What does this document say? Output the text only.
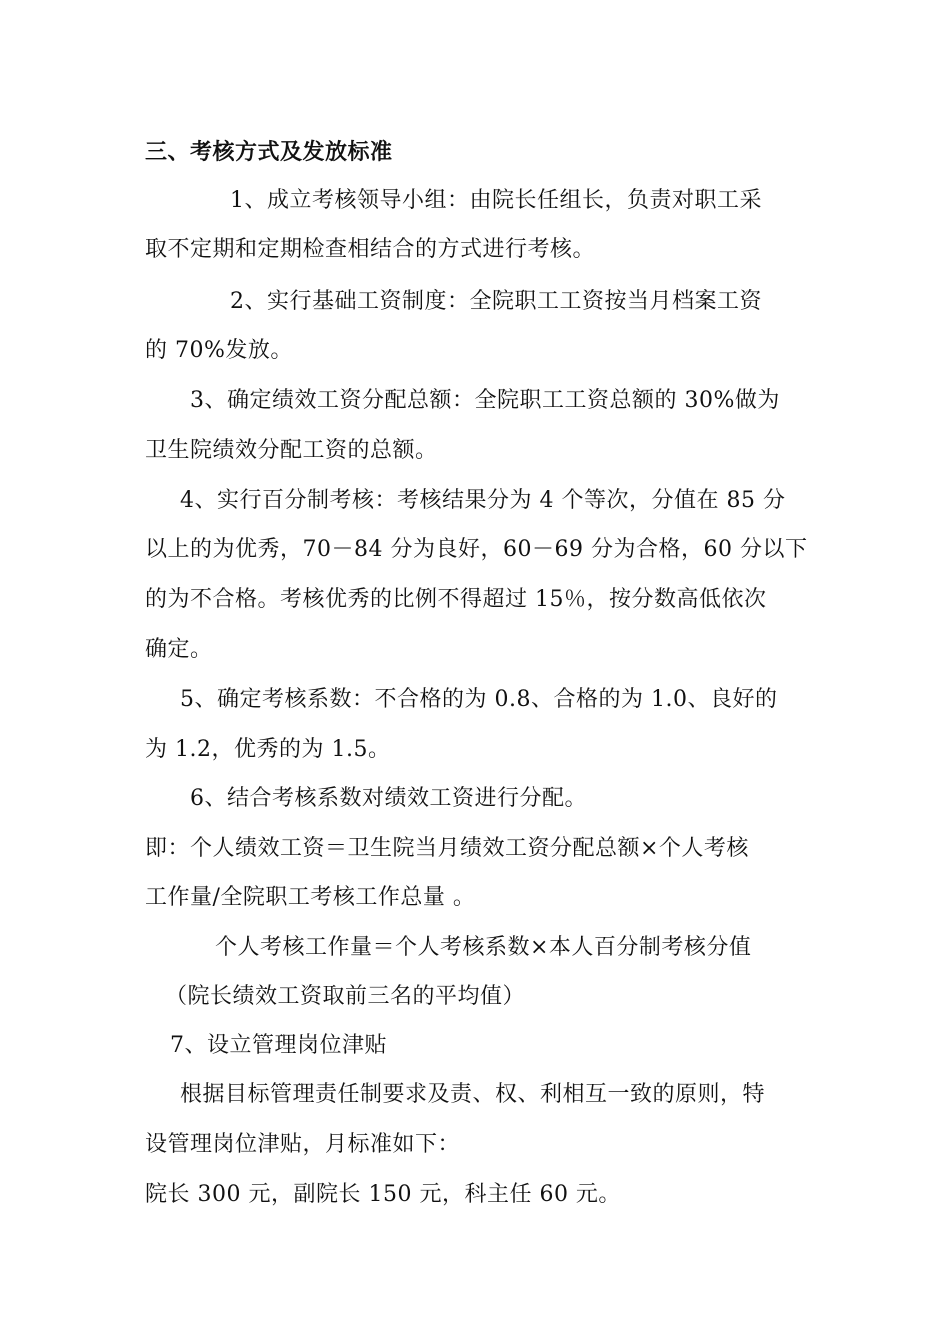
三、考核方式及发放标准
1、成立考核领导小组：由院长任组长，负责对职工采
取不定期和定期检查相结合的方式进行考核。
2、实行基础工资制度：全院职工工资按当月档案工资
的 70%发放。
3、确定绩效工资分配总额：全院职工工资总额的 30%做为
卫生院绩效分配工资的总额。
4、实行百分制考核：考核结果分为 4 个等次，分值在 85 分
以上的为优秀，70－84 分为良好，60－69 分为合格，60 分以下
的为不合格。考核优秀的比例不得超过 15％，按分数高低依次
确定。
5、确定考核系数：不合格的为 0.8、合格的为 1.0、良好的
为 1.2，优秀的为 1.5。
6、结合考核系数对绩效工资进行分配。
即：个人绩效工资＝卫生院当月绩效工资分配总额×个人考核
工作量/全院职工考核工作总量 。
个人考核工作量＝个人考核系数×本人百分制考核分值
（院长绩效工资取前三名的平均值）
7、设立管理岗位津贴
根据目标管理责任制要求及责、权、利相互一致的原则，特
设管理岗位津贴，月标准如下：
院长 300 元，副院长 150 元，科主任 60 元。
